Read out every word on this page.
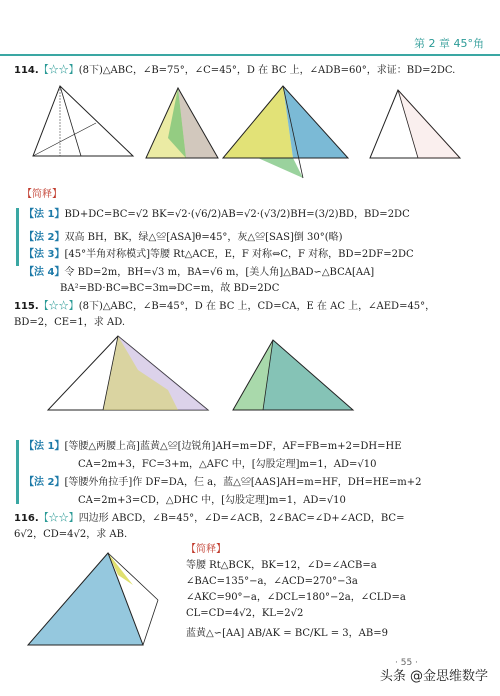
第 2 章 45°角
114.【☆☆】(8下)△ABC，∠B=75°，∠C=45°，D 在 BC 上，∠ADB=60°，求证：BD=2DC.
【简释】
【法 1】BD+DC=BC=√2 BK=√2·(√6/2)AB=√2·(√3/2)BH=(3/2)BD，BD=2DC
【法 2】双高 BH，BK，绿△≌[ASA]θ=45°，灰△≌[SAS]倒 30°(略)
【法 3】[45°半角对称模式]等腰 Rt△ACE，E，F 对称⇔C，F 对称，BD=2DF=2DC
【法 4】令 BD=2m，BH=√3 m，BA=√6 m，[美人角]△BAD∽△BCA[AA]
BA²=BD·BC⇒BC=3m⇒DC=m，故 BD=2DC
115.【☆☆】(8下)△ABC，∠B=45°，D 在 BC 上，CD=CA，E 在 AC 上，∠AED=45°，
BD=2，CE=1，求 AD.
【法 1】[等腰△两腰上高]蓝黄△≌[边锐角]AH=m=DF，AF=FB=m+2=DH=HE
CA=2m+3，FC=3+m，△AFC 中，[勾股定理]m=1，AD=√10
【法 2】[等腰外角拉手]作 DF=DA，仨 a，蓝△≌[AAS]AH=m=HF，DH=HE=m+2
CA=2m+3=CD，△DHC 中，[勾股定理]m=1，AD=√10
116.【☆☆】四边形 ABCD，∠B=45°，∠D=∠ACB，2∠BAC=∠D+∠ACD，BC=
6√2，CD=4√2，求 AB.
【简释】
等腰 Rt△BCK，BK=12，∠D=∠ACB=a
∠BAC=135°−a，∠ACD=270°−3a
∠AKC=90°−a，∠DCL=180°−2a，∠CLD=a
CL=CD=4√2，KL=2√2
蓝黄△∽[AA] AB/AK = BC/KL = 3，AB=9
· 55 ·
头条 @金思维数学
